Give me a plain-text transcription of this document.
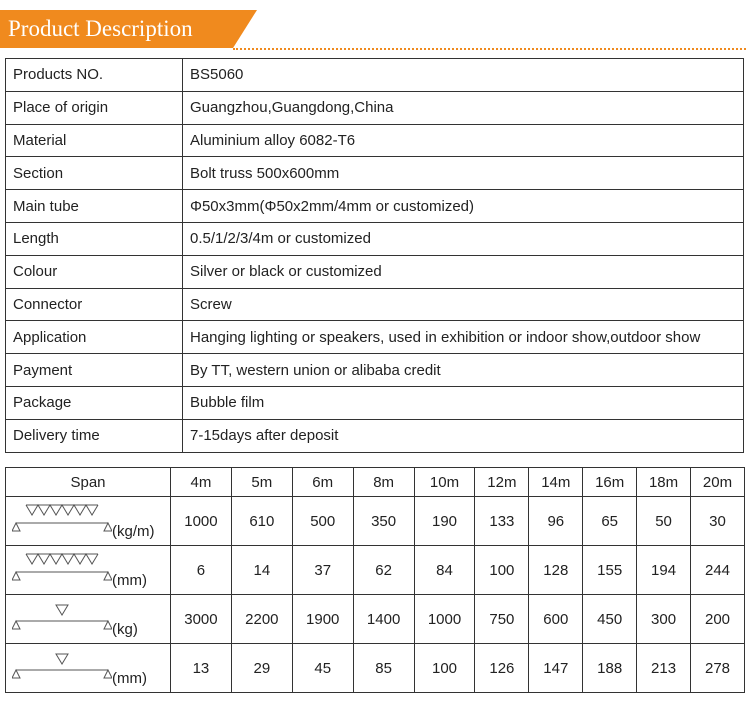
Product Description
Products NO.	BS5060
Place of origin	Guangzhou,Guangdong,China
Material	Aluminium alloy 6082-T6
Section	Bolt truss 500x600mm
Main tube	Φ50x3mm(Φ50x2mm/4mm or customized)
Length	0.5/1/2/3/4m or customized
Colour	Silver or black or customized
Connector	Screw
Application	Hanging lighting or speakers, used in exhibition or indoor show,outdoor show
Payment	By TT, western union or alibaba credit
Package	Bubble film
Delivery time	7-15days after deposit
Span	4m	5m	6m	8m	10m	12m	14m	16m	18m	20m

(kg/m)	1000	610	500	350	190	133	96	65	50	30

(mm)	6	14	37	62	84	100	128	155	194	244

(kg)	3000	2200	1900	1400	1000	750	600	450	300	200

(mm)	13	29	45	85	100	126	147	188	213	278
